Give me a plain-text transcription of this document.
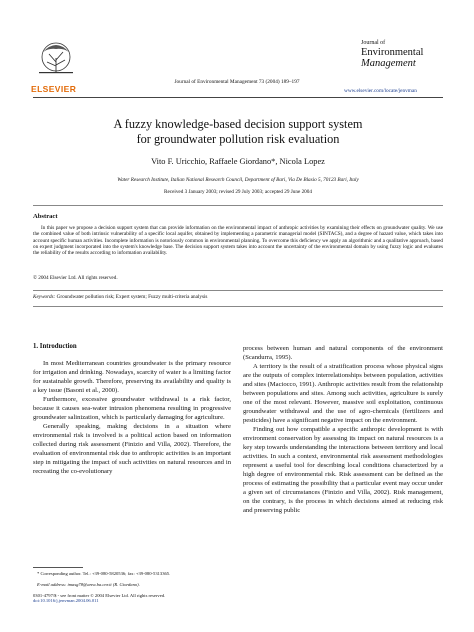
ELSEVIER
Journal of Environmental Management 73 (2004) 189–197
Journal of
Environmental
Management
www.elsevier.com/locate/jenvman
A fuzzy knowledge-based decision support system
for groundwater pollution risk evaluation
Vito F. Uricchio, Raffaele Giordano*, Nicola Lopez
Water Research Institute, Italian National Research Council, Department of Bari, Via De Blasio 5, 70123 Bari, Italy
Received 3 January 2003; revised 29 July 2003; accepted 29 June 2004
Abstract
In this paper we propose a decision support system that can provide information on the environmental impact of anthropic activities by examining their effects on groundwater quality. We use the combined value of both intrinsic vulnerability of a specific local aquifer, obtained by implementing a parametric managerial model (SINTACS), and a degree of hazard value, which takes into account specific human activities. Incomplete information is notoriously common in environmental planning. To overcome this deficiency we apply an algorithmic and a qualitative approach, based on expert judgment incorporated into the system's knowledge base. The decision support system takes into account the uncertainty of the environmental domain by using fuzzy logic and evaluates the reliability of the results according to information availability.
© 2004 Elsevier Ltd. All rights reserved.
Keywords: Groundwater pollution risk; Expert system; Fuzzy multi-criteria analysis
1. Introduction
In most Mediterranean countries groundwater is the primary resource for irrigation and drinking. Nowadays, scarcity of water is a limiting factor for sustainable growth. Therefore, preserving its availability and quality is a key issue (Basoni et al., 2000).
Furthermore, excessive groundwater withdrawal is a risk factor, because it causes sea-water intrusion phenomena resulting in progressive groundwater salinization, which is particularly damaging for agriculture.
Generally speaking, making decisions in a situation where environmental risk is involved is a political action based on information collected during risk assessment (Finizio and Villa, 2002). Therefore, the evaluation of environmental risk due to anthropic activities is an important step in mitigating the impact of such activities on natural resources and in recreating the co-evolutionary
process between human and natural components of the environment (Scandurra, 1995).
A territory is the result of a stratification process whose physical signs are the outputs of complex interrelationships between population, activities and sites (Maciocco, 1991). Anthropic activities result from the relationship between populations and sites. Among such activities, agriculture is surely one of the most relevant. However, massive soil exploitation, continuous groundwater withdrawal and the use of agro-chemicals (fertilizers and pesticides) have a significant negative impact on the environment.
Finding out how compatible a specific anthropic development is with environment conservation by assessing its impact on natural resources is a key step towards understanding the interactions between territory and local activities. In such a context, environmental risk assessment methodologies represent a useful tool for describing local conditions characterized by a high degree of environmental risk. Risk assessment can be defined as the process of estimating the possibility that a particular event may occur under a given set of circumstances (Finizio and Villa, 2002). Risk management, on the contrary, is the process in which decisions aimed at reducing risk and preserving public
* Corresponding author. Tel.: +39-080-5820536; fax: +39-080-5313365.
E-mail address: imasg78@area.ba.cnr.it (R. Giordano).
0301-4797/$ - see front matter © 2004 Elsevier Ltd. All rights reserved.
doi:10.1016/j.jenvman.2004.06.011
